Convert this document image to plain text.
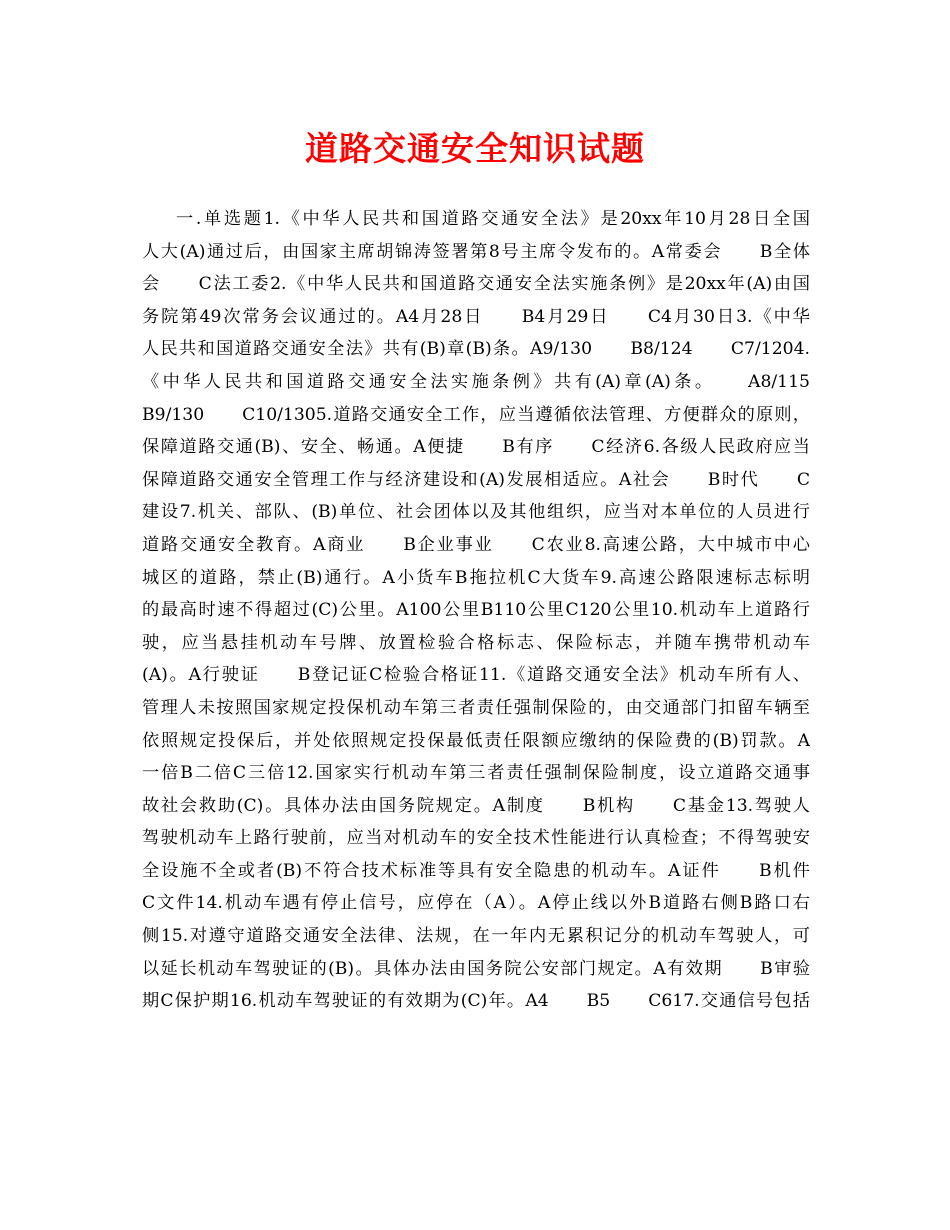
道路交通安全知识试题
一.单选题1.《中华人民共和国道路交通安全法》是20xx年10月28日全国
人大(A)通过后，由国家主席胡锦涛签署第8号主席令发布的。A常委会　　B全体
会　　C法工委2.《中华人民共和国道路交通安全法实施条例》是20xx年(A)由国
务院第49次常务会议通过的。A4月28日　　B4月29日　　C4月30日3.《中华
人民共和国道路交通安全法》共有(B)章(B)条。A9/130　　B8/124　　C7/1204.
《中华人民共和国道路交通安全法实施条例》共有(A)章(A)条。　　A8/115
B9/130　　C10/1305.道路交通安全工作，应当遵循依法管理、方便群众的原则，
保障道路交通(B)、安全、畅通。A便捷　　B有序　　C经济6.各级人民政府应当
保障道路交通安全管理工作与经济建设和(A)发展相适应。A社会　　B时代　　C
建设7.机关、部队、(B)单位、社会团体以及其他组织，应当对本单位的人员进行
道路交通安全教育。A商业　　B企业事业　　C农业8.高速公路，大中城市中心
城区的道路，禁止(B)通行。A小货车B拖拉机C大货车9.高速公路限速标志标明
的最高时速不得超过(C)公里。A100公里B110公里C120公里10.机动车上道路行
驶，应当悬挂机动车号牌、放置检验合格标志、保险标志，并随车携带机动车
(A)。A行驶证　　B登记证C检验合格证11.《道路交通安全法》机动车所有人、
管理人未按照国家规定投保机动车第三者责任强制保险的，由交通部门扣留车辆至
依照规定投保后，并处依照规定投保最低责任限额应缴纳的保险费的(B)罚款。A
一倍B二倍C三倍12.国家实行机动车第三者责任强制保险制度，设立道路交通事
故社会救助(C)。具体办法由国务院规定。A制度　　B机构　　C基金13.驾驶人
驾驶机动车上路行驶前，应当对机动车的安全技术性能进行认真检查；不得驾驶安
全设施不全或者(B)不符合技术标准等具有安全隐患的机动车。A证件　　B机件
C文件14.机动车遇有停止信号，应停在（A）。A停止线以外B道路右侧B路口右
侧15.对遵守道路交通安全法律、法规，在一年内无累积记分的机动车驾驶人，可
以延长机动车驾驶证的(B)。具体办法由国务院公安部门规定。A有效期　　B审验
期C保护期16.机动车驾驶证的有效期为(C)年。A4　　B5　　C617.交通信号包括
